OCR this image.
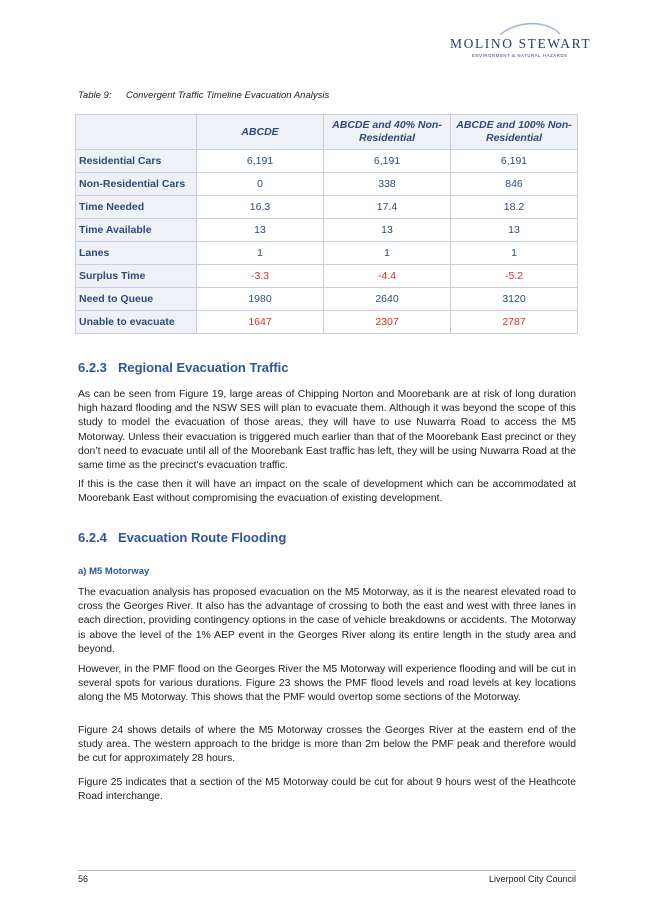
MOLINO STEWART
ENVIRONMENT & NATURAL HAZARDS
Table 9: Convergent Traffic Timeline Evacuation Analysis
	ABCDE	ABCDE and 40% Non-Residential	ABCDE and 100% Non-Residential
Residential Cars	6,191	6,191	6,191
Non-Residential Cars	0	338	846
Time Needed	16.3	17.4	18.2
Time Available	13	13	13
Lanes	1	1	1
Surplus Time	-3.3	-4.4	-5.2
Need to Queue	1980	2640	3120
Unable to evacuate	1647	2307	2787
6.2.3 Regional Evacuation Traffic

As can be seen from Figure 19, large areas of Chipping Norton and Moorebank are at risk of long duration high hazard flooding and the NSW SES will plan to evacuate them. Although it was beyond the scope of this study to model the evacuation of those areas, they will have to use Nuwarra Road to access the M5 Motorway. Unless their evacuation is triggered much earlier than that of the Moorebank East precinct or they don’t need to evacuate until all of the Moorebank East traffic has left, they will be using Nuwarra Road at the same time as the precinct’s evacuation traffic.

If this is the case then it will have an impact on the scale of development which can be accommodated at Moorebank East without compromising the evacuation of existing development.

6.2.4 Evacuation Route Flooding
a) M5 Motorway

The evacuation analysis has proposed evacuation on the M5 Motorway, as it is the nearest elevated road to cross the Georges River. It also has the advantage of crossing to both the east and west with three lanes in each direction, providing contingency options in the case of vehicle breakdowns or accidents. The Motorway is above the level of the 1% AEP event in the Georges River along its entire length in the study area and beyond.

However, in the PMF flood on the Georges River the M5 Motorway will experience flooding and will be cut in several spots for various durations. Figure 23 shows the PMF flood levels and road levels at key locations along the M5 Motorway. This shows that the PMF would overtop some sections of the Motorway.

Figure 24 shows details of where the M5 Motorway crosses the Georges River at the eastern end of the study area. The western approach to the bridge is more than 2m below the PMF peak and therefore would be cut for approximately 28 hours.

Figure 25 indicates that a section of the M5 Motorway could be cut for about 9 hours west of the Heathcote Road interchange.

56	Liverpool City Council
